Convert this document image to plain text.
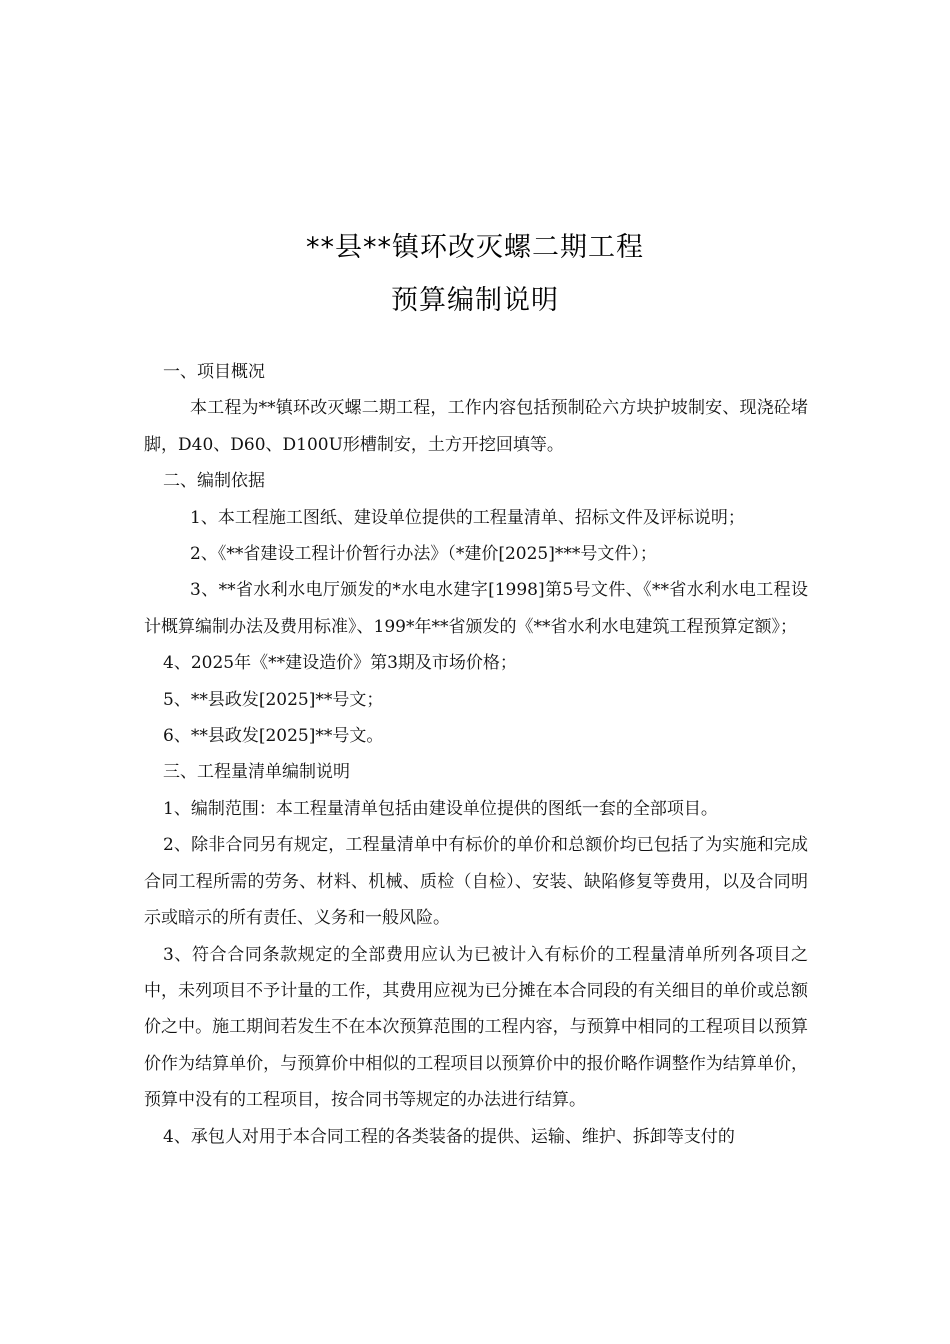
**县**镇环改灭螺二期工程
预算编制说明

一、项目概况

本工程为**镇环改灭螺二期工程，工作内容包括预制砼六方块护坡制安、现浇砼堵脚，D40、D60、D100U形槽制安，土方开挖回填等。

二、编制依据

1、本工程施工图纸、建设单位提供的工程量清单、招标文件及评标说明；

2、《**省建设工程计价暂行办法》（*建价[2025]***号文件）；

3、**省水利水电厅颁发的*水电水建字[1998]第5号文件、《**省水利水电工程设计概算编制办法及费用标准》、199*年**省颁发的《**省水利水电建筑工程预算定额》；

4、2025年《**建设造价》第3期及市场价格；

5、**县政发[2025]**号文；

6、**县政发[2025]**号文。

三、工程量清单编制说明

1、编制范围：本工程量清单包括由建设单位提供的图纸一套的全部项目。

2、除非合同另有规定，工程量清单中有标价的单价和总额价均已包括了为实施和完成合同工程所需的劳务、材料、机械、质检（自检）、安装、缺陷修复等费用，以及合同明示或暗示的所有责任、义务和一般风险。

3、符合合同条款规定的全部费用应认为已被计入有标价的工程量清单所列各项目之中，未列项目不予计量的工作，其费用应视为已分摊在本合同段的有关细目的单价或总额价之中。施工期间若发生不在本次预算范围的工程内容，与预算中相同的工程项目以预算价作为结算单价，与预算价中相似的工程项目以预算价中的报价略作调整作为结算单价，预算中没有的工程项目，按合同书等规定的办法进行结算。

4、承包人对用于本合同工程的各类装备的提供、运输、维护、拆卸等支付的
